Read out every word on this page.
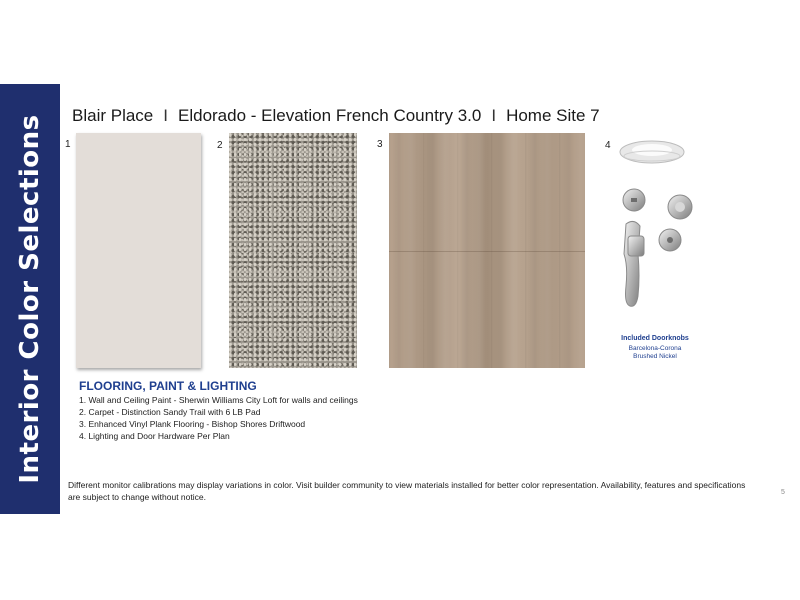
Interior Color Selections Blair Place I Eldorado - Elevation French Country 3.0 I Home Site 7
1	2	3	4
Included Doorknobs
Barcelona-Corona
Brushed Nickel
FLOORING, PAINT & LIGHTING
1. Wall and Ceiling Paint - Sherwin Williams City Loft for walls and ceilings
2. Carpet - Distinction Sandy Trail with 6 LB Pad
3. Enhanced Vinyl Plank Flooring - Bishop Shores Driftwood
4. Lighting and Door Hardware Per Plan
Different monitor calibrations may display variations in color. Visit builder community to view materials installed for better color representation. Availability, features and specifications are subject to change without notice.	5
